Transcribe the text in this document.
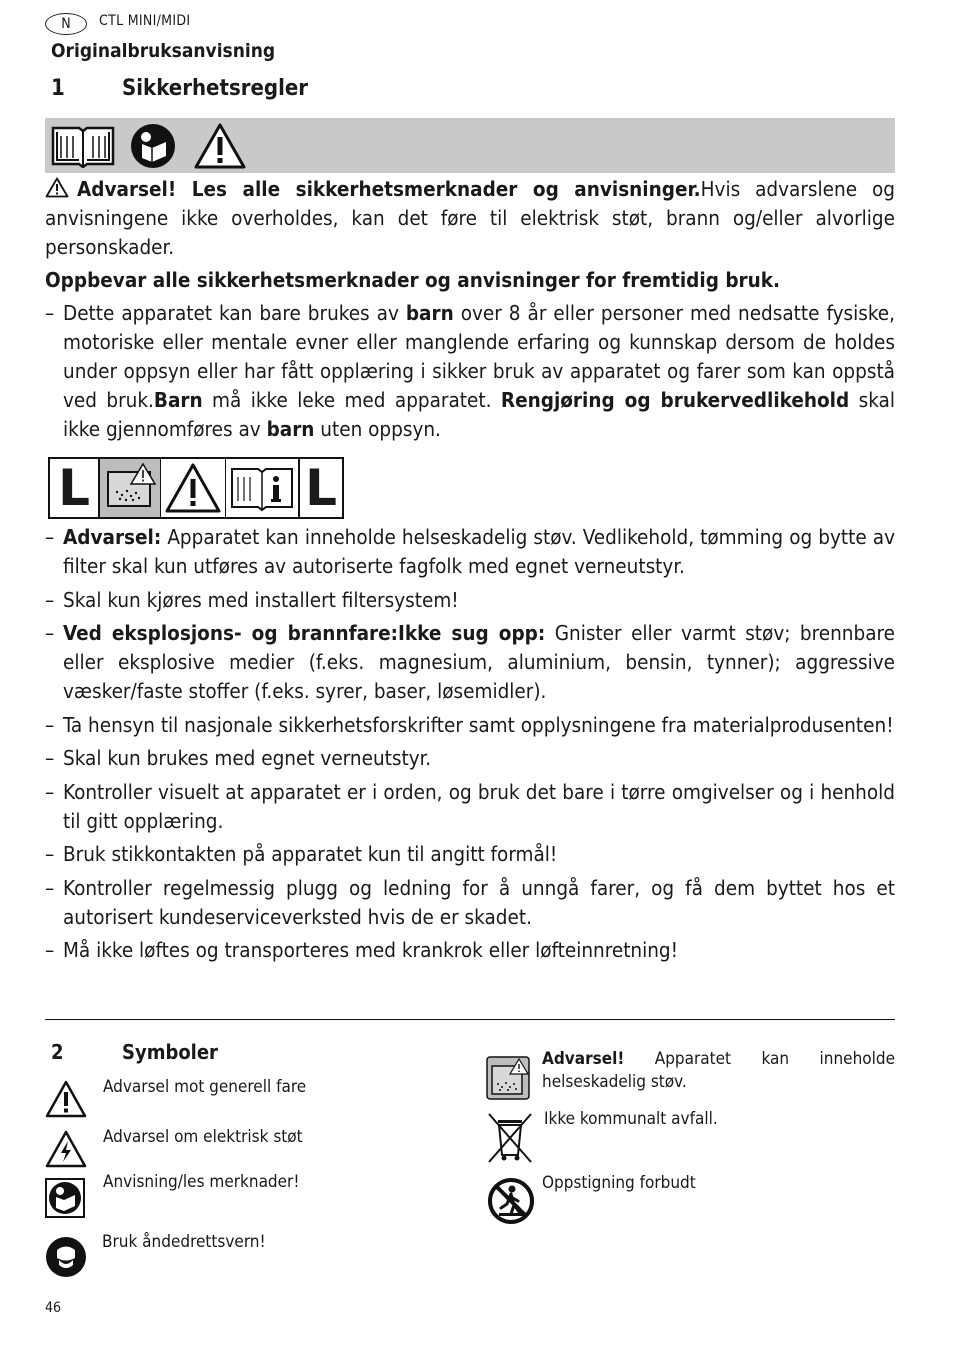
N	CTL MINI/MIDI
Originalbruksanvisning
1	Sikkerhetsregler
Advarsel! Les alle sikkerhetsmerknader og anvisninger.Hvis advarslene og anvisningene ikke overholdes, kan det føre til elektrisk støt, brann og/eller alvorlige personskader.
Oppbevar alle sikkerhetsmerknader og anvisninger for fremtidig bruk.
– Dette apparatet kan bare brukes av barn over 8 år eller personer med nedsatte fysiske, motoriske eller mentale evner eller manglende erfaring og kunnskap dersom de holdes under oppsyn eller har fått opplæring i sikker bruk av apparatet og farer som kan oppstå ved bruk.Barn må ikke leke med apparatet. Rengjøring og brukervedlikehold skal ikke gjennomføres av barn uten oppsyn.
L	L
– Advarsel: Apparatet kan inneholde helseskadelig støv. Vedlikehold, tømming og bytte av filter skal kun utføres av autoriserte fagfolk med egnet verneutstyr.
– Skal kun kjøres med installert filtersystem!
– Ved eksplosjons- og brannfare:Ikke sug opp: Gnister eller varmt støv; brennbare eller eksplosive medier (f.eks. magnesium, aluminium, bensin, tynner); aggressive væsker/faste stoffer (f.eks. syrer, baser, løsemidler).
– Ta hensyn til nasjonale sikkerhetsforskrifter samt opplysningene fra materialprodusenten!
– Skal kun brukes med egnet verneutstyr.
– Kontroller visuelt at apparatet er i orden, og bruk det bare i tørre omgivelser og i henhold til gitt opplæring.
– Bruk stikkontakten på apparatet kun til angitt formål!
– Kontroller regelmessig plugg og ledning for å unngå farer, og få dem byttet hos et autorisert kundeserviceverksted hvis de er skadet.
– Må ikke løftes og transporteres med krankrok eller løfteinnretning!
2	Symboler
Advarsel mot generell fare
Advarsel om elektrisk støt
Anvisning/les merknader!
Bruk åndedrettsvern!
Advarsel! Apparatet kan inneholde helseskadelig støv.
Ikke kommunalt avfall.
Oppstigning forbudt
46
